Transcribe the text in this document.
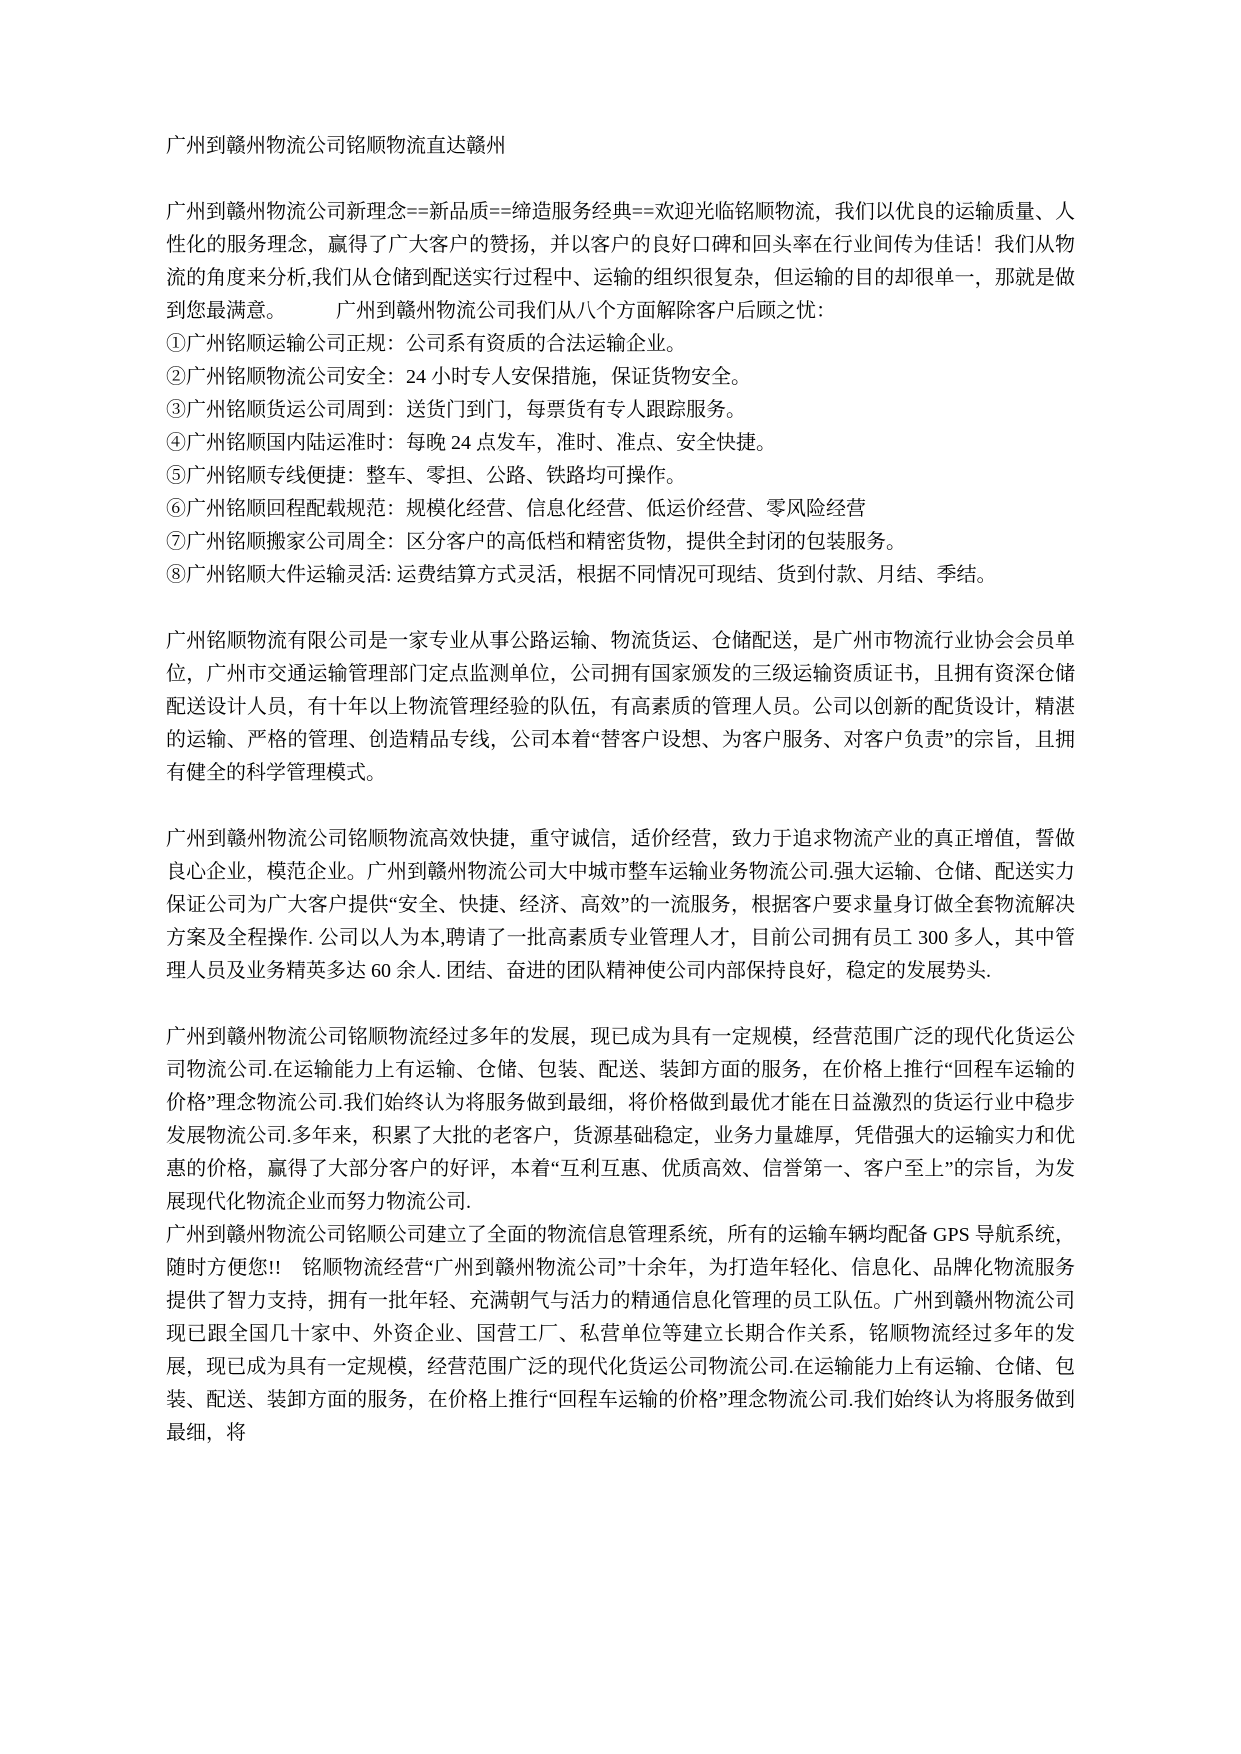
广州到赣州物流公司铭顺物流直达赣州

广州到赣州物流公司新理念==新品质==缔造服务经典==欢迎光临铭顺物流，我们以优良的运输质量、人性化的服务理念，赢得了广大客户的赞扬，并以客户的良好口碑和回头率在行业间传为佳话！我们从物流的角度来分析,我们从仓储到配送实行过程中、运输的组织很复杂，但运输的目的却很单一，那就是做到您最满意。　　　广州到赣州物流公司我们从八个方面解除客户后顾之忧：

①广州铭顺运输公司正规：公司系有资质的合法运输企业。

②广州铭顺物流公司安全：24 小时专人安保措施，保证货物安全。

③广州铭顺货运公司周到：送货门到门，每票货有专人跟踪服务。

④广州铭顺国内陆运准时：每晚 24 点发车，准时、准点、安全快捷。

⑤广州铭顺专线便捷：整车、零担、公路、铁路均可操作。

⑥广州铭顺回程配载规范：规模化经营、信息化经营、低运价经营、零风险经营

⑦广州铭顺搬家公司周全：区分客户的高低档和精密货物，提供全封闭的包装服务。

⑧广州铭顺大件运输灵活: 运费结算方式灵活，根据不同情况可现结、货到付款、月结、季结。

广州铭顺物流有限公司是一家专业从事公路运输、物流货运、仓储配送，是广州市物流行业协会会员单位，广州市交通运输管理部门定点监测单位，公司拥有国家颁发的三级运输资质证书，且拥有资深仓储配送设计人员，有十年以上物流管理经验的队伍，有高素质的管理人员。公司以创新的配货设计，精湛的运输、严格的管理、创造精品专线，公司本着“替客户设想、为客户服务、对客户负责”的宗旨，且拥有健全的科学管理模式。

广州到赣州物流公司铭顺物流高效快捷，重守诚信，适价经营，致力于追求物流产业的真正增值，誓做良心企业，模范企业。广州到赣州物流公司大中城市整车运输业务物流公司.强大运输、仓储、配送实力保证公司为广大客户提供“安全、快捷、经济、高效”的一流服务，根据客户要求量身订做全套物流解决方案及全程操作. 公司以人为本,聘请了一批高素质专业管理人才，目前公司拥有员工 300 多人，其中管理人员及业务精英多达 60 余人. 团结、奋进的团队精神使公司内部保持良好，稳定的发展势头.

广州到赣州物流公司铭顺物流经过多年的发展，现已成为具有一定规模，经营范围广泛的现代化货运公司物流公司.在运输能力上有运输、仓储、包装、配送、装卸方面的服务，在价格上推行“回程车运输的价格”理念物流公司.我们始终认为将服务做到最细，将价格做到最优才能在日益激烈的货运行业中稳步发展物流公司.多年来，积累了大批的老客户，货源基础稳定，业务力量雄厚，凭借强大的运输实力和优惠的价格，赢得了大部分客户的好评，本着“互利互惠、优质高效、信誉第一、客户至上”的宗旨，为发展现代化物流企业而努力物流公司.

广州到赣州物流公司铭顺公司建立了全面的物流信息管理系统，所有的运输车辆均配备 GPS 导航系统，随时方便您!!　铭顺物流经营“广州到赣州物流公司”十余年，为打造年轻化、信息化、品牌化物流服务提供了智力支持，拥有一批年轻、充满朝气与活力的精通信息化管理的员工队伍。广州到赣州物流公司现已跟全国几十家中、外资企业、国营工厂、私营单位等建立长期合作关系，铭顺物流经过多年的发展，现已成为具有一定规模，经营范围广泛的现代化货运公司物流公司.在运输能力上有运输、仓储、包装、配送、装卸方面的服务，在价格上推行“回程车运输的价格”理念物流公司.我们始终认为将服务做到最细，将
